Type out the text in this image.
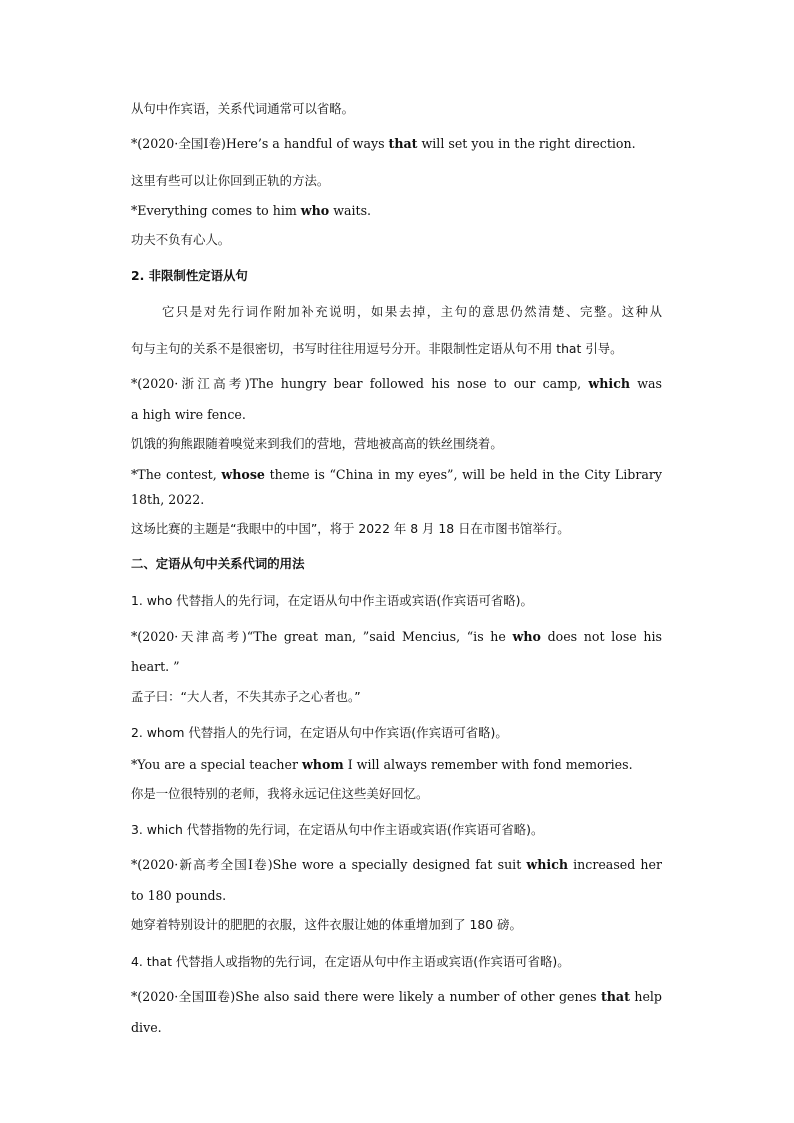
从句中作宾语，关系代词通常可以省略。
*(2020·全国Ⅰ卷)Here’s a handful of ways that will set you in the right direction.
这里有些可以让你回到正轨的方法。
*Everything comes to him who waits.
功夫不负有心人。
2. 非限制性定语从句
它只是对先行词作附加补充说明，如果去掉，主句的意思仍然清楚、完整。这种从
句与主句的关系不是很密切，书写时往往用逗号分开。非限制性定语从句不用 that 引导。
*(2020·浙江高考)The hungry bear followed his nose to our camp, which was
a high wire fence.
饥饿的狗熊跟随着嗅觉来到我们的营地，营地被高高的铁丝围绕着。
*The contest, whose theme is “China in my eyes”, will be held in the City Library
18th, 2022.
这场比赛的主题是“我眼中的中国”，将于 2022 年 8 月 18 日在市图书馆举行。
二、定语从句中关系代词的用法
1. who 代替指人的先行词，在定语从句中作主语或宾语(作宾语可省略)。
*(2020·天津高考)“The great man, ”said Mencius, “is he who does not lose his
heart. ”
孟子曰：“大人者，不失其赤子之心者也。”
2. whom 代替指人的先行词，在定语从句中作宾语(作宾语可省略)。
*You are a special teacher whom I will always remember with fond memories.
你是一位很特别的老师，我将永远记住这些美好回忆。
3. which 代替指物的先行词，在定语从句中作主语或宾语(作宾语可省略)。
*(2020·新高考全国Ⅰ卷)She wore a specially designed fat suit which increased her
to 180 pounds.
她穿着特别设计的肥肥的衣服，这件衣服让她的体重增加到了 180 磅。
4. that 代替指人或指物的先行词，在定语从句中作主语或宾语(作宾语可省略)。
*(2020·全国Ⅲ卷)She also said there were likely a number of other genes that help
dive.
